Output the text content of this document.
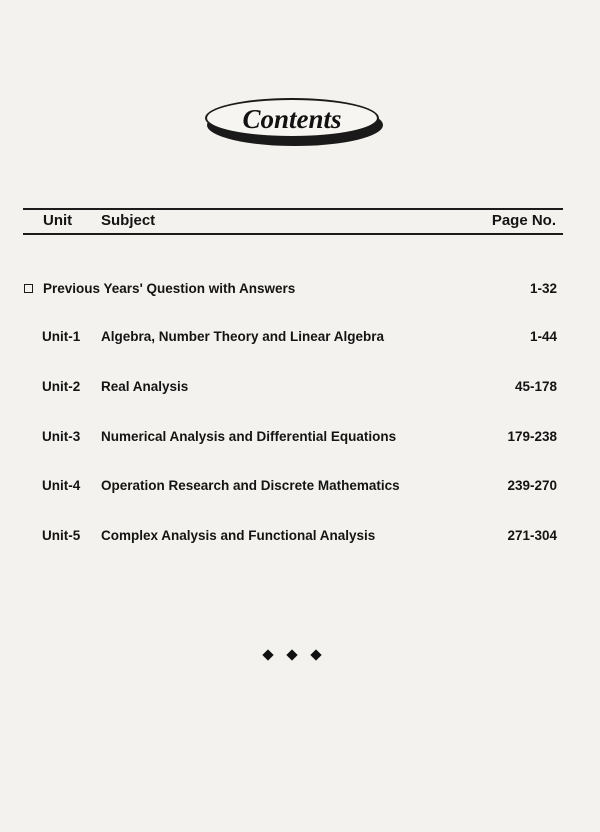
Contents
Unit Subject	Page No.
Previous Years' Question with Answers	1-32
Unit-1 Algebra, Number Theory and Linear Algebra	1-44
Unit-2 Real Analysis	45-178
Unit-3 Numerical Analysis and Differential Equations	179-238
Unit-4 Operation Research and Discrete Mathematics	239-270
Unit-5 Complex Analysis and Functional Analysis	271-304
